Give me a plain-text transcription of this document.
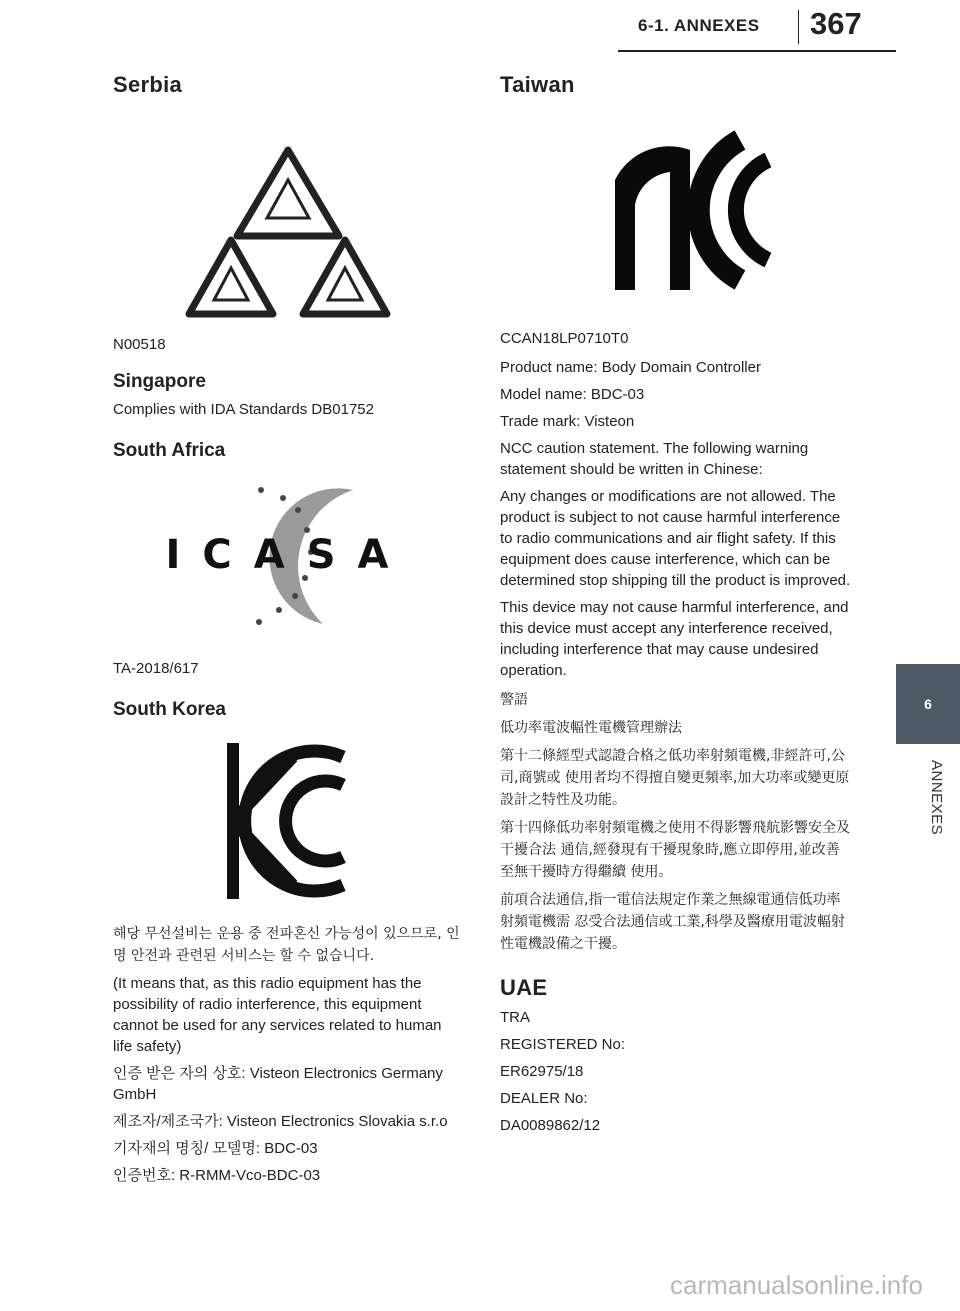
6-1. ANNEXES 367
6
ANNEXES
Serbia

N00518

Singapore

Complies with IDA Standards DB01752

South Africa
ICASA

TA-2018/617

South Korea

해당 무선설비는 운용 중 전파혼신 가능성이 있으므로, 인명 안전과 관련된 서비스는 할 수 없습니다.

(It means that, as this radio equipment has the possibility of radio interference, this equipment cannot be used for any services related to human life safety)

인증 받은 자의 상호: Visteon Electronics Germany GmbH

제조자/제조국가: Visteon Electronics Slovakia s.r.o

기자재의 명칭/ 모델명: BDC-03

인증번호: R-RMM-Vco-BDC-03

Taiwan

CCAN18LP0710T0

Product name: Body Domain Controller

Model name: BDC-03

Trade mark: Visteon

NCC caution statement. The following warning statement should be written in Chinese:

Any changes or modifications are not allowed. The product is subject to not cause harmful interference to radio communications and air flight safety. If this equipment does cause interference, which can be determined stop shipping till the product is improved.

This device may not cause harmful interference, and this device must accept any interference received, including interference that may cause undesired operation.

警語

低功率電波輻性電機管理辦法

第十二條經型式認證合格之低功率射頻電機,非經許可,公司,商號或 使用者均不得擅自變更頻率,加大功率或變更原設計之特性及功能。

第十四條低功率射頻電機之使用不得影響飛航影響安全及干擾合法 通信,經發現有干擾現象時,應立即停用,並改善至無干擾時方得繼續 使用。

前項合法通信,指一電信法規定作業之無線電通信低功率射頻電機需 忍受合法通信或工業,科學及醫療用電波輻射性電機設備之干擾。

UAE

TRA

REGISTERED No:

ER62975/18

DEALER No:

DA0089862/12

carmanualsonline.info
